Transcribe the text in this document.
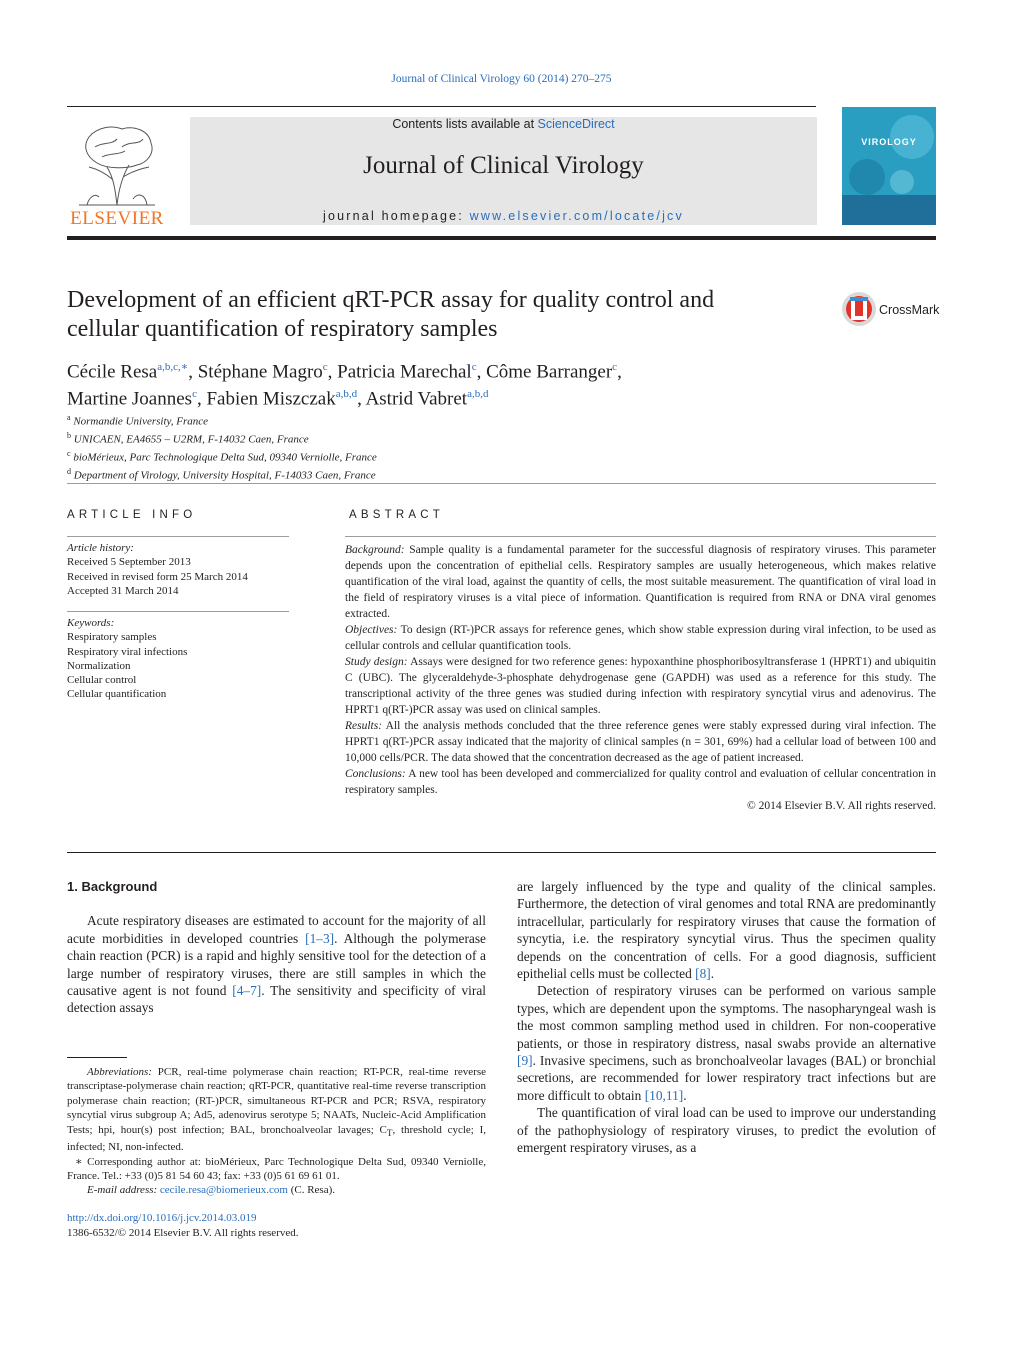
Journal of Clinical Virology 60 (2014) 270–275
ELSEVIER
Contents lists available at ScienceDirect
Journal of Clinical Virology
journal homepage: www.elsevier.com/locate/jcv
VIROLOGY
Development of an efficient qRT-PCR assay for quality control and
cellular quantification of respiratory samples
CrossMark
Cécile Resa$^{a,b,c,∗}$, Stéphane Magro$^c$, Patricia Marechal$^c$, Côme Barranger$^c$,
Martine Joannes$^c$, Fabien Miszczak$^{a,b,d}$, Astrid Vabret$^{a,b,d}$
$^a$ Normandie University, France
$^b$ UNICAEN, EA4655 – U2RM, F-14032 Caen, France
$^c$ bioMérieux, Parc Technologique Delta Sud, 09340 Verniolle, France
$^d$ Department of Virology, University Hospital, F-14033 Caen, France
ARTICLE INFO
Article history:
Received 5 September 2013
Received in revised form 25 March 2014
Accepted 31 March 2014
Keywords:
Respiratory samples
Respiratory viral infections
Normalization
Cellular control
Cellular quantification
ABSTRACT

Background: Sample quality is a fundamental parameter for the successful diagnosis of respiratory viruses. This parameter depends upon the concentration of epithelial cells. Respiratory samples are usually heterogeneous, which makes relative quantification of the viral load, against the quantity of cells, the most suitable measurement. The quantification of viral load in the field of respiratory viruses is a vital piece of information. Quantification is required from RNA or DNA viral genomes extracted.

Objectives: To design (RT-)PCR assays for reference genes, which show stable expression during viral infection, to be used as cellular controls and cellular quantification tools.

Study design: Assays were designed for two reference genes: hypoxanthine phosphoribosyltransferase 1 (HPRT1) and ubiquitin C (UBC). The glyceraldehyde-3-phosphate dehydrogenase gene (GAPDH) was used as a reference for this study. The transcriptional activity of the three genes was studied during infection with respiratory syncytial virus and adenovirus. The HPRT1 q(RT-)PCR assay was used on clinical samples.

Results: All the analysis methods concluded that the three reference genes were stably expressed during viral infection. The HPRT1 q(RT-)PCR assay indicated that the majority of clinical samples (n = 301, 69%) had a cellular load of between 100 and 10,000 cells/PCR. The data showed that the concentration decreased as the age of patient increased.

Conclusions: A new tool has been developed and commercialized for quality control and evaluation of cellular concentration in respiratory samples.

© 2014 Elsevier B.V. All rights reserved.

1. Background

Acute respiratory diseases are estimated to account for the majority of all acute morbidities in developed countries [1–3]. Although the polymerase chain reaction (PCR) is a rapid and highly sensitive tool for the detection of a large number of respiratory viruses, there are still samples in which the causative agent is not found [4–7]. The sensitivity and specificity of viral detection assays

are largely influenced by the type and quality of the clinical samples. Furthermore, the detection of viral genomes and total RNA are predominantly intracellular, particularly for respiratory viruses that cause the formation of syncytia, i.e. the respiratory syncytial virus. Thus the specimen quality depends on the concentration of cells. For a good diagnosis, sufficient epithelial cells must be collected [8].

Detection of respiratory viruses can be performed on various sample types, which are dependent upon the symptoms. The nasopharyngeal wash is the most common sampling method used in children. For non-cooperative patients, or those in respiratory distress, nasal swabs provide an alternative [9]. Invasive specimens, such as bronchoalveolar lavages (BAL) or bronchial secretions, are recommended for lower respiratory tract infections but are more difficult to obtain [10,11].

The quantification of viral load can be used to improve our understanding of the pathophysiology of respiratory viruses, to predict the evolution of emergent respiratory viruses, as a

Abbreviations: PCR, real-time polymerase chain reaction; RT-PCR, real-time reverse transcriptase-polymerase chain reaction; qRT-PCR, quantitative real-time reverse transcription polymerase chain reaction; (RT-)PCR, simultaneous RT-PCR and PCR; RSVA, respiratory syncytial virus subgroup A; Ad5, adenovirus serotype 5; NAATs, Nucleic-Acid Amplification Tests; hpi, hour(s) post infection; BAL, bronchoalveolar lavages; $C_T$, threshold cycle; I, infected; NI, non-infected.

∗ Corresponding author at: bioMérieux, Parc Technologique Delta Sud, 09340 Verniolle, France. Tel.: +33 (0)5 81 54 60 43; fax: +33 (0)5 61 69 61 01.

E-mail address: cecile.resa@biomerieux.com (C. Resa).

http://dx.doi.org/10.1016/j.jcv.2014.03.019
1386-6532/© 2014 Elsevier B.V. All rights reserved.
